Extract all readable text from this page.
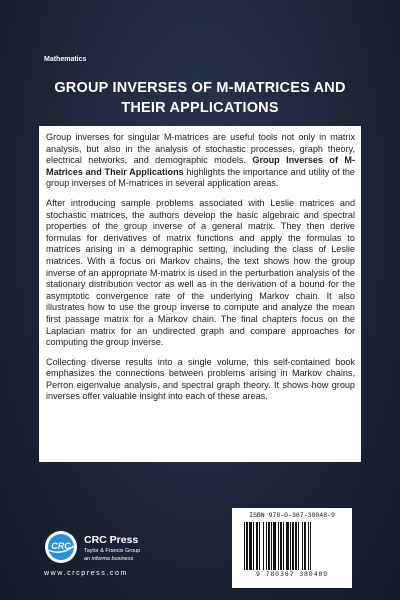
Mathematics
GROUP INVERSES OF M-MATRICES AND
THEIR APPLICATIONS

Group inverses for singular M-matrices are useful tools not only in matrix analysis, but also in the analysis of stochastic processes, graph theory, electrical networks, and demographic models. Group Inverses of M-Matrices and Their Applications highlights the importance and utility of the group inverses of M-matrices in several application areas.

After introducing sample problems associated with Leslie matrices and stochastic matrices, the authors develop the basic algebraic and spectral properties of the group inverse of a general matrix. They then derive formulas for derivatives of matrix functions and apply the formulas to matrices arising in a demographic setting, including the class of Leslie matrices. With a focus on Markov chains, the text shows how the group inverse of an appropriate M-matrix is used in the perturbation analysis of the stationary distribution vector as well as in the derivation of a bound for the asymptotic convergence rate of the underlying Markov chain. It also illustrates how to use the group inverse to compute and analyze the mean first passage matrix for a Markov chain. The final chapters focus on the Laplacian matrix for an undirected graph and compare approaches for computing the group inverse.

Collecting diverse results into a single volume, this self-contained book emphasizes the connections between problems arising in Markov chains, Perron eigenvalue analysis, and spectral graph theory. It shows how group inverses offer valuable insight into each of these areas.

ISBN 978-0-367-38048-9
9 780367 380489
CRC CRC Press
Taylor & Francis Group
an informa business
www.crcpress.com
